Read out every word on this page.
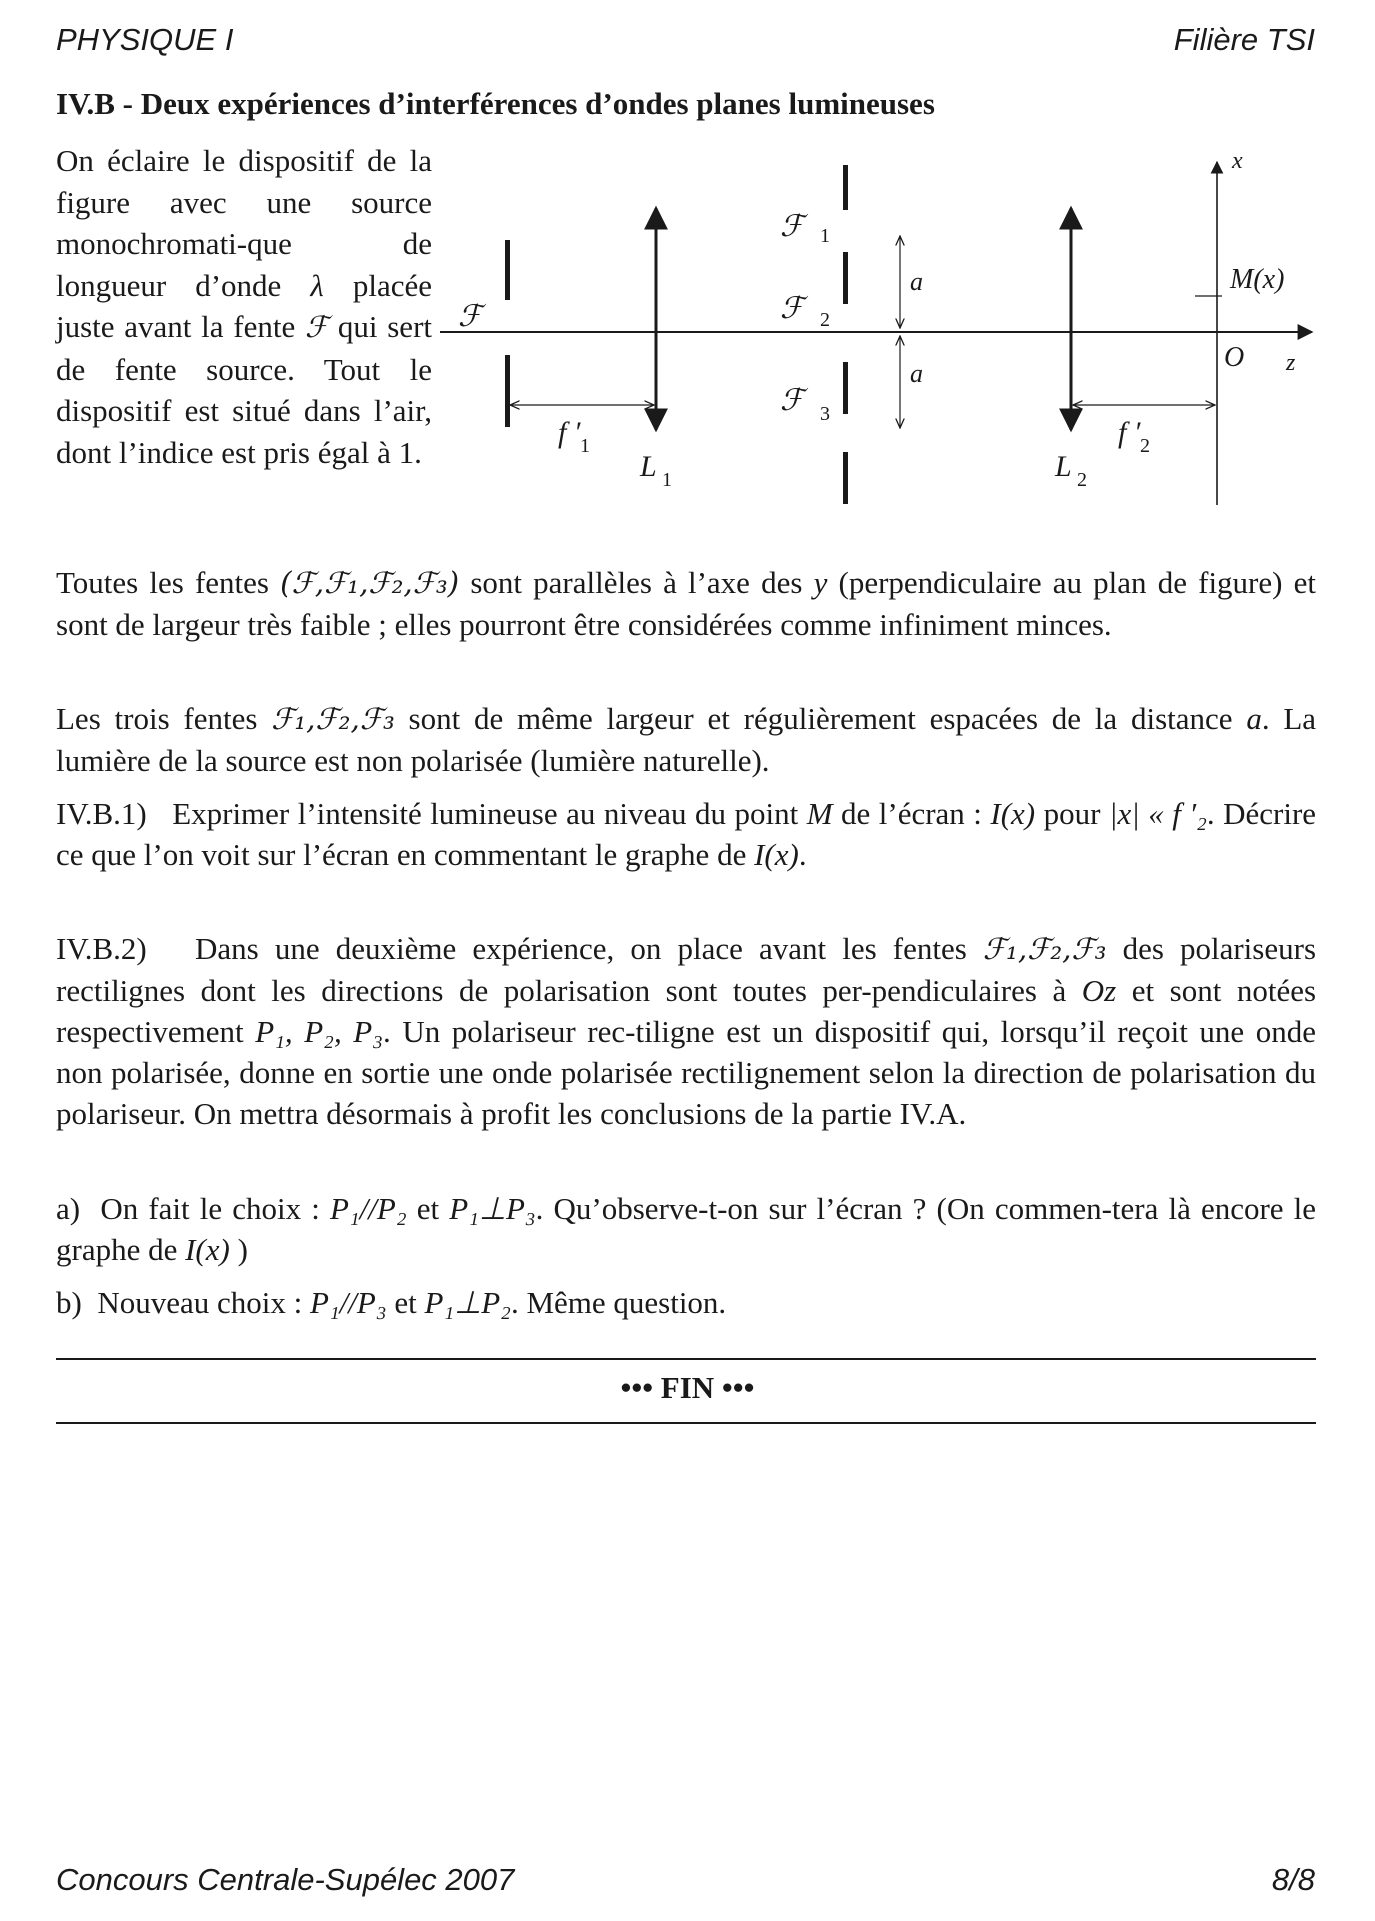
PHYSIQUE I	Filière TSI
IV.B - Deux expériences d’interférences d’ondes planes lumineuses
On éclaire le dispositif de la figure avec une source monochromati-que de longueur d’onde λ placée juste avant la fente ℱ qui sert de fente source. Tout le dispositif est situé dans l’air, dont l’indice est pris égal à 1.
ℱ
ℱ 1
ℱ 2
ℱ 3
a
a
f ′ 1	f ′ 2
L 1	L 2
x
z
O
M(x)
Toutes les fentes (ℱ,ℱ₁,ℱ₂,ℱ₃) sont parallèles à l’axe des y (perpendiculaire au plan de figure) et sont de largeur très faible ; elles pourront être considérées comme infiniment minces.
Les trois fentes ℱ₁,ℱ₂,ℱ₃ sont de même largeur et régulièrement espacées de la distance a. La lumière de la source est non polarisée (lumière naturelle).
IV.B.1) Exprimer l’intensité lumineuse au niveau du point M de l’écran : I(x) pour |x| « f ′₂. Décrire ce que l’on voit sur l’écran en commentant le graphe de I(x).
IV.B.2) Dans une deuxième expérience, on place avant les fentes ℱ₁,ℱ₂,ℱ₃ des polariseurs rectilignes dont les directions de polarisation sont toutes per-pendiculaires à Oz et sont notées respectivement P₁, P₂, P₃. Un polariseur rec-tiligne est un dispositif qui, lorsqu’il reçoit une onde non polarisée, donne en sortie une onde polarisée rectilignement selon la direction de polarisation du polariseur. On mettra désormais à profit les conclusions de la partie IV.A.
a) On fait le choix : P₁//P₂ et P₁⊥P₃. Qu’observe-t-on sur l’écran ? (On commen-tera là encore le graphe de I(x) )
b) Nouveau choix : P₁//P₃ et P₁⊥P₂. Même question.
••• FIN •••
Concours Centrale-Supélec 2007	8/8
